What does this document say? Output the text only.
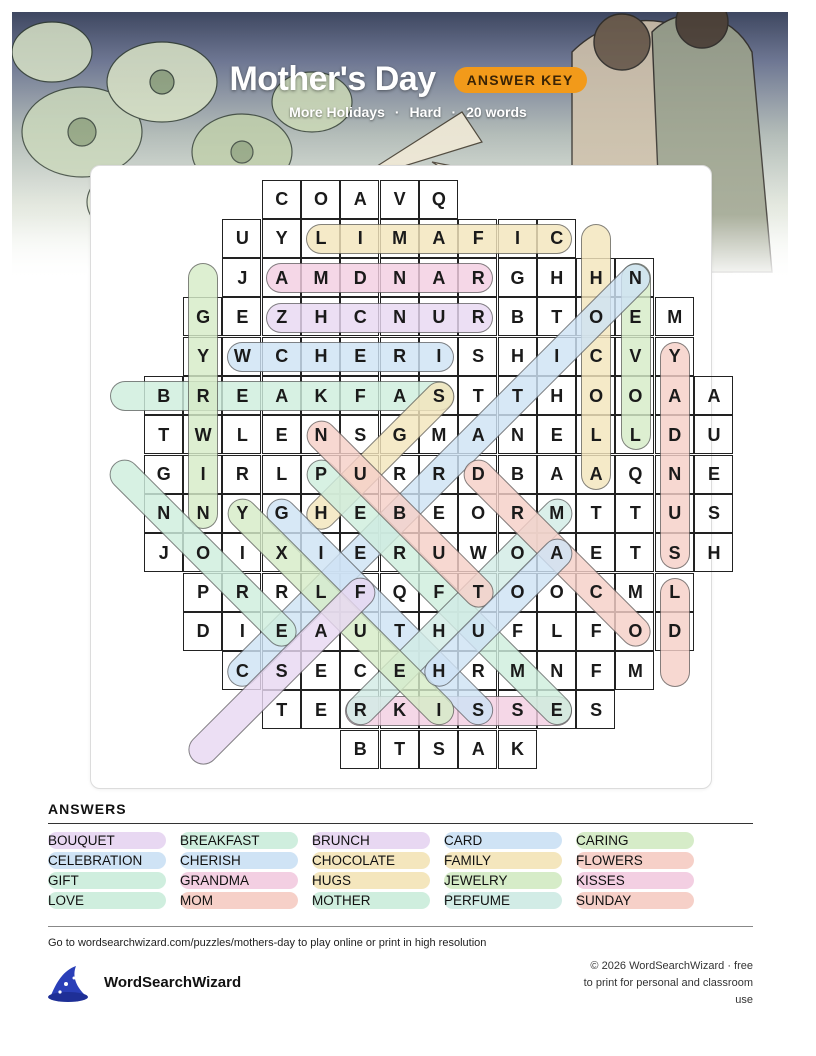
Mother's Day	ANSWER KEY
More Holidays · Hard · 20 words
C	O	A	V	Q
U	Y	L	I	M	A	F	I	C
J	A	M	D	N	A	R	G	H	H	N
G	E	Z	H	C	N	U	R	B	T	O	E	M
Y	W	C	H	E	R	I	S	H	I	C	V	Y
B	R	E	A	K	F	A	S	T	T	H	O	O	A	A
T	W	L	E	N	S	G	M	A	N	E	L	L	D	U
G	I	R	L	P	U	R	R	D	B	A	A	Q	N	E
N	N	Y	G	H	E	B	E	O	R	M	T	T	U	S
J	O	I	X	I	E	R	U	W	O	A	E	T	S	H
P	R	R	L	F	Q	F	T	O	O	C	M	L
D	I	E	A	U	T	H	U	F	L	F	O	D
C	S	E	C	E	H	R	M	N	F	M
T	E	R	K	I	S	S	E	S
B	T	S	A	K
ANSWERS
BOUQUET	BREAKFAST	BRUNCH	CARD	CARING
CELEBRATION	CHERISH	CHOCOLATE	FAMILY	FLOWERS
GIFT	GRANDMA	HUGS	JEWELRY	KISSES
LOVE	MOM	MOTHER	PERFUME	SUNDAY
Go to wordsearchwizard.com/puzzles/mothers-day to play online or print in high resolution
WordSearchWizard
© 2026 WordSearchWizard · free to print for personal and classroom use
